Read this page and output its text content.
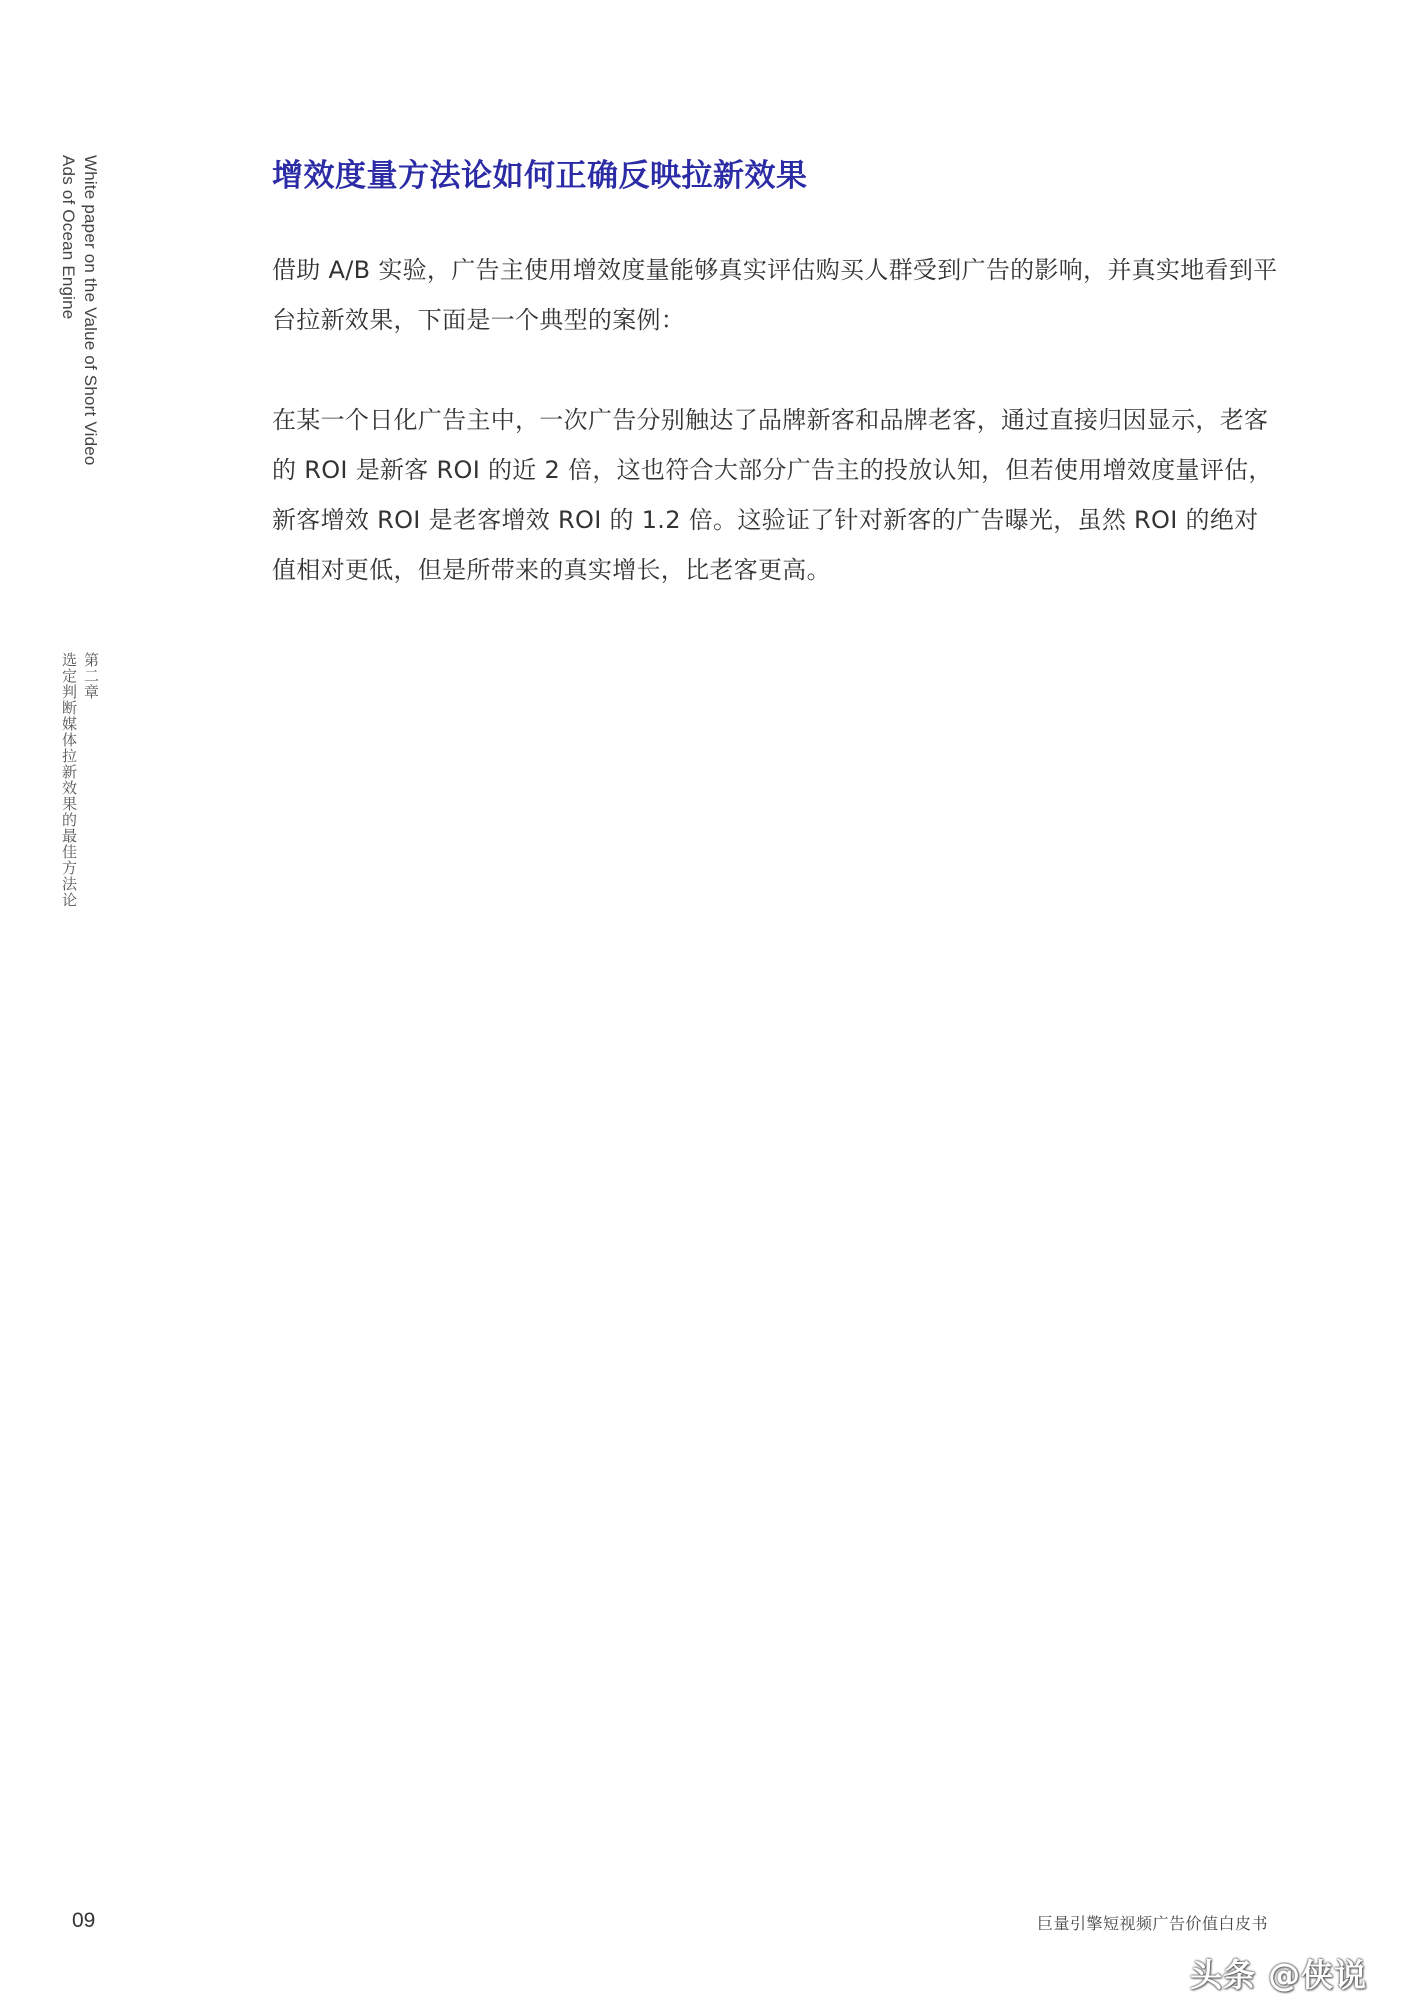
White paper on the Value of Short Video
Ads of Ocean Engine
第二章
选定判断媒体拉新效果的最佳方法论
增效度量方法论如何正确反映拉新效果

借助 A/B 实验，广告主使用增效度量能够真实评估购买人群受到广告的影响，并真实地看到平台拉新效果，下面是一个典型的案例：

在某一个日化广告主中，一次广告分别触达了品牌新客和品牌老客，通过直接归因显示，老客的 ROI 是新客 ROI 的近 2 倍，这也符合大部分广告主的投放认知，但若使用增效度量评估，新客增效 ROI 是老客增效 ROI 的 1.2 倍。这验证了针对新客的广告曝光，虽然 ROI 的绝对值相对更低，但是所带来的真实增长，比老客更高。

09	巨量引擎短视频广告价值白皮书
头条 @侠说
